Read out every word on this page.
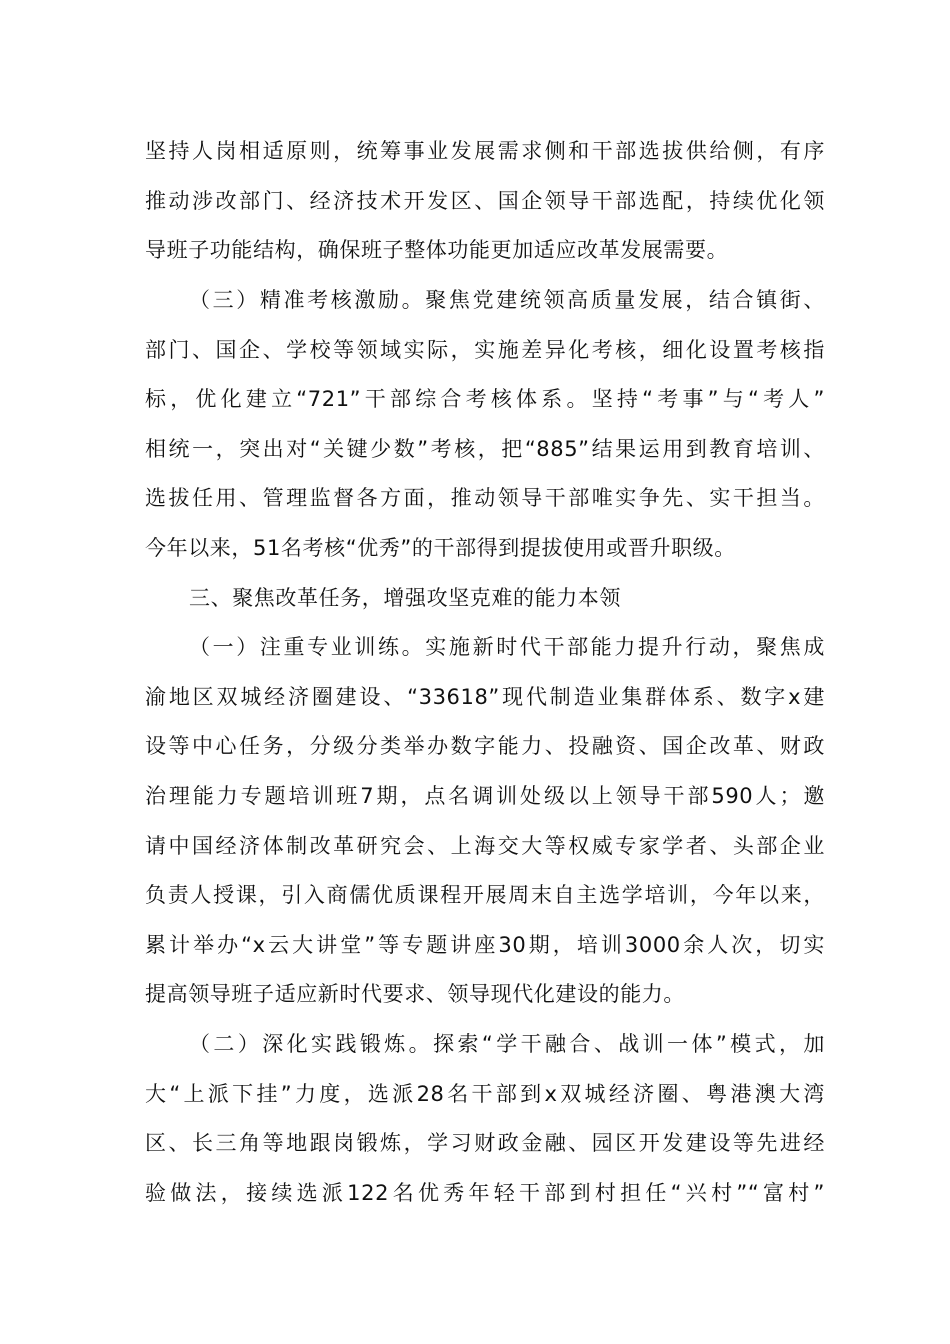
坚持人岗相适原则，统筹事业发展需求侧和干部选拔供给侧，有序
推动涉改部门、经济技术开发区、国企领导干部选配，持续优化领
导班子功能结构，确保班子整体功能更加适应改革发展需要。
（三）精准考核激励。聚焦党建统领高质量发展，结合镇街、
部门、国企、学校等领域实际，实施差异化考核，细化设置考核指
标，优化建立“721”干部综合考核体系。坚持“考事”与“考人”
相统一，突出对“关键少数”考核，把“885”结果运用到教育培训、
选拔任用、管理监督各方面，推动领导干部唯实争先、实干担当。
今年以来，51名考核“优秀”的干部得到提拔使用或晋升职级。
三、聚焦改革任务，增强攻坚克难的能力本领
（一）注重专业训练。实施新时代干部能力提升行动，聚焦成
渝地区双城经济圈建设、“33618”现代制造业集群体系、数字x建
设等中心任务，分级分类举办数字能力、投融资、国企改革、财政
治理能力专题培训班7期，点名调训处级以上领导干部590人；邀
请中国经济体制改革研究会、上海交大等权威专家学者、头部企业
负责人授课，引入商儒优质课程开展周末自主选学培训，今年以来，
累计举办“x云大讲堂”等专题讲座30期，培训3000余人次，切实
提高领导班子适应新时代要求、领导现代化建设的能力。
（二）深化实践锻炼。探索“学干融合、战训一体”模式，加
大“上派下挂”力度，选派28名干部到x双城经济圈、粤港澳大湾
区、长三角等地跟岗锻炼，学习财政金融、园区开发建设等先进经
验做法，接续选派122名优秀年轻干部到村担任“兴村”“富村”
